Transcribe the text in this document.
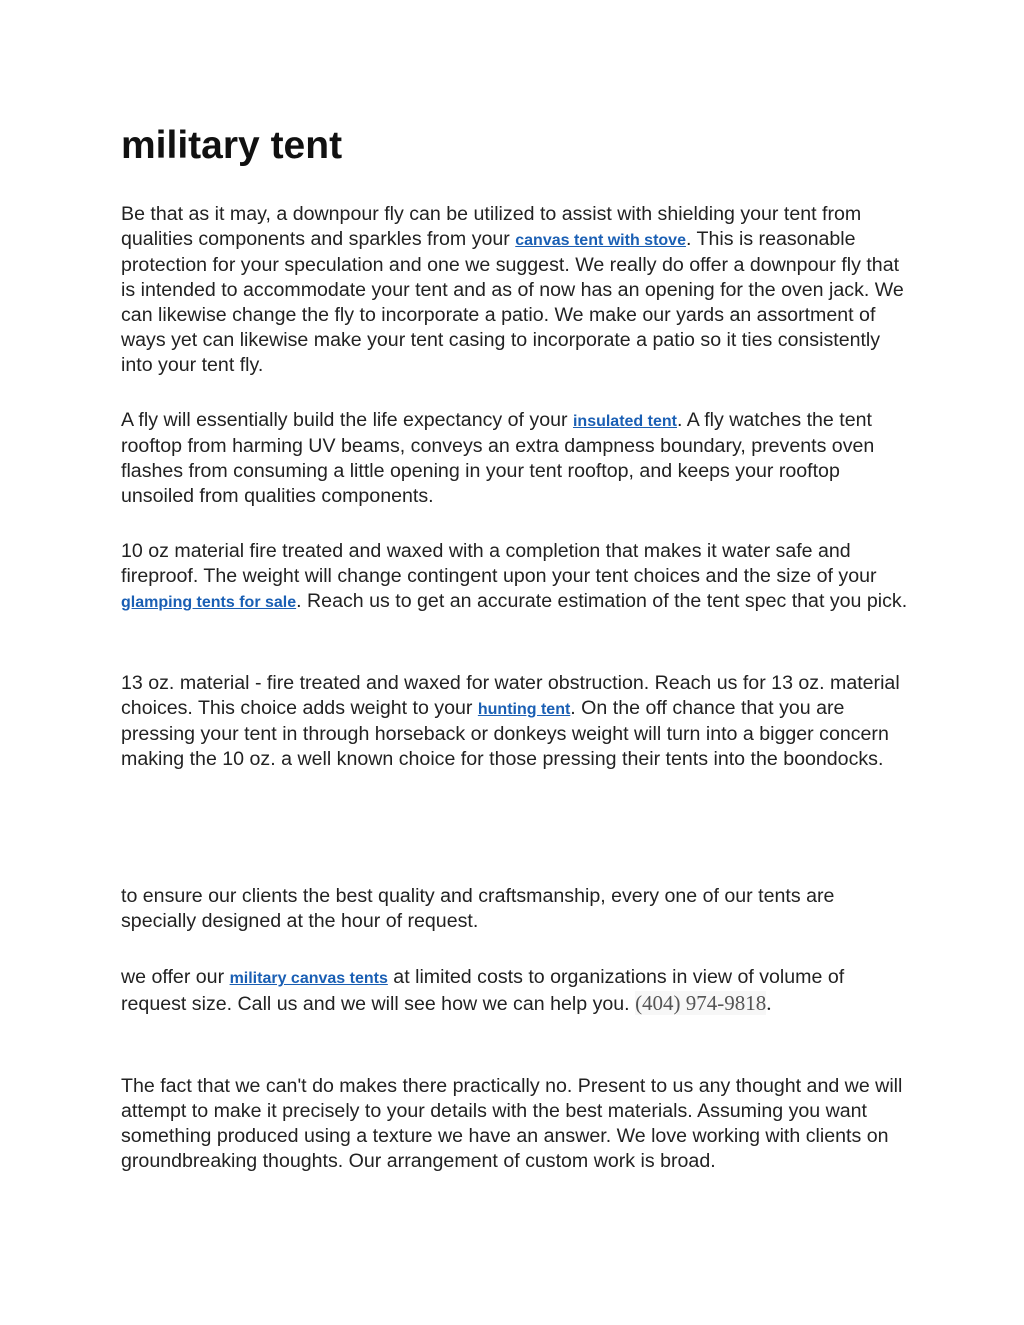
military tent

Be that as it may, a downpour fly can be utilized to assist with shielding your tent from qualities components and sparkles from your canvas tent with stove. This is reasonable protection for your speculation and one we suggest. We really do offer a downpour fly that is intended to accommodate your tent and as of now has an opening for the oven jack. We can likewise change the fly to incorporate a patio. We make our yards an assortment of ways yet can likewise make your tent casing to incorporate a patio so it ties consistently into your tent fly.

A fly will essentially build the life expectancy of your insulated tent. A fly watches the tent rooftop from harming UV beams, conveys an extra dampness boundary, prevents oven flashes from consuming a little opening in your tent rooftop, and keeps your rooftop unsoiled from qualities components.

10 oz material fire treated and waxed with a completion that makes it water safe and fireproof. The weight will change contingent upon your tent choices and the size of your glamping tents for sale. Reach us to get an accurate estimation of the tent spec that you pick.

13 oz. material - fire treated and waxed for water obstruction. Reach us for 13 oz. material choices. This choice adds weight to your hunting tent. On the off chance that you are pressing your tent in through horseback or donkeys weight will turn into a bigger concern making the 10 oz. a well known choice for those pressing their tents into the boondocks.

to ensure our clients the best quality and craftsmanship, every one of our tents are specially designed at the hour of request.

we offer our military canvas tents at limited costs to organizations in view of volume of request size. Call us and we will see how we can help you. (404) 974-9818.

The fact that we can't do makes there practically no. Present to us any thought and we will attempt to make it precisely to your details with the best materials. Assuming you want something produced using a texture we have an answer. We love working with clients on groundbreaking thoughts. Our arrangement of custom work is broad.
